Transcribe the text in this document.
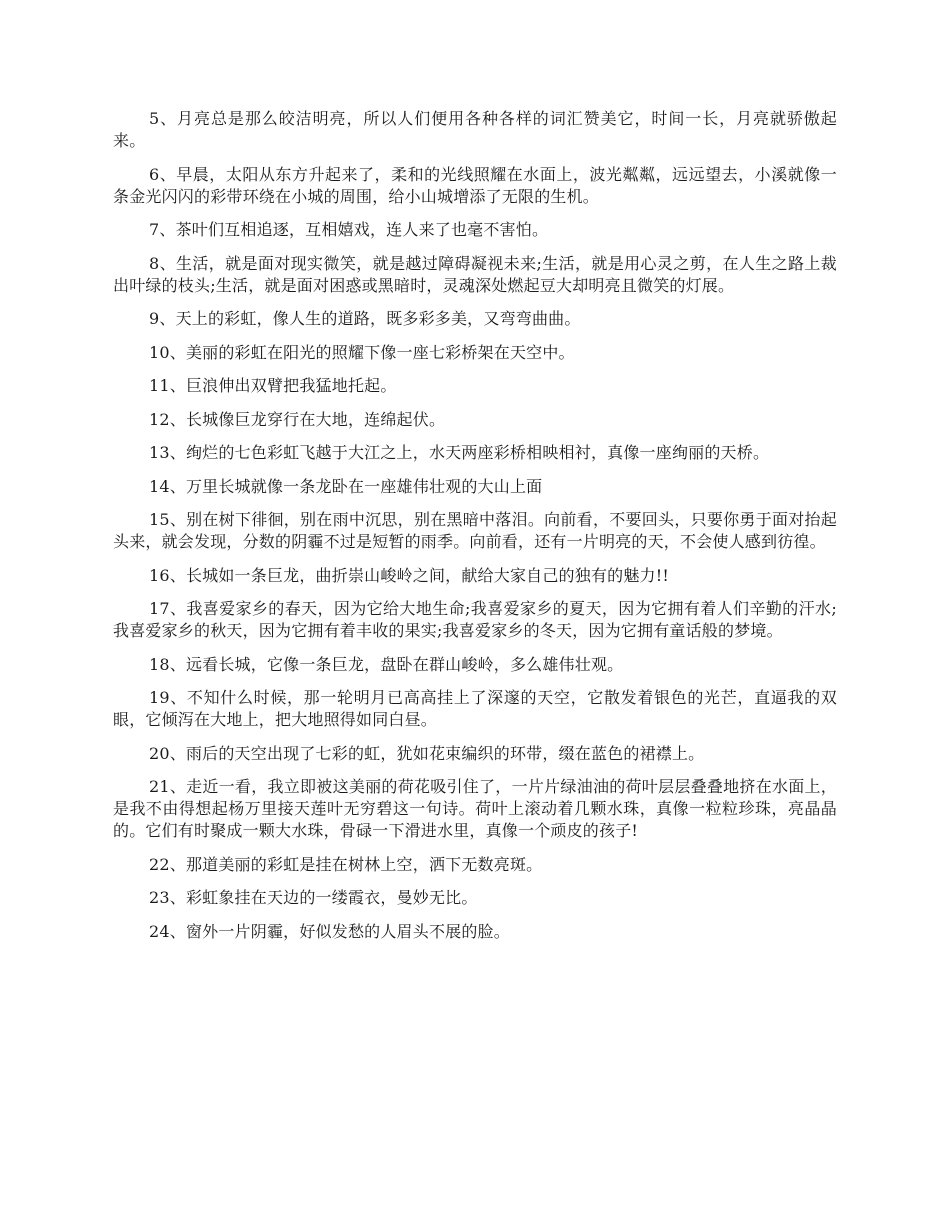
5、月亮总是那么皎洁明亮，所以人们便用各种各样的词汇赞美它，时间一长，月亮就骄傲起来。

6、早晨，太阳从东方升起来了，柔和的光线照耀在水面上，波光粼粼，远远望去，小溪就像一条金光闪闪的彩带环绕在小城的周围，给小山城增添了无限的生机。

7、茶叶们互相追逐，互相嬉戏，连人来了也毫不害怕。

8、生活，就是面对现实微笑，就是越过障碍凝视未来;生活，就是用心灵之剪，在人生之路上裁出叶绿的枝头;生活，就是面对困惑或黑暗时，灵魂深处燃起豆大却明亮且微笑的灯展。

9、天上的彩虹，像人生的道路，既多彩多美，又弯弯曲曲。

10、美丽的彩虹在阳光的照耀下像一座七彩桥架在天空中。

11、巨浪伸出双臂把我猛地托起。

12、长城像巨龙穿行在大地，连绵起伏。

13、绚烂的七色彩虹飞越于大江之上，水天两座彩桥相映相衬，真像一座绚丽的天桥。

14、万里长城就像一条龙卧在一座雄伟壮观的大山上面

15、别在树下徘徊，别在雨中沉思，别在黑暗中落泪。向前看，不要回头，只要你勇于面对抬起头来，就会发现，分数的阴霾不过是短暂的雨季。向前看，还有一片明亮的天，不会使人感到彷徨。

16、长城如一条巨龙，曲折崇山峻岭之间，献给大家自己的独有的魅力!!

17、我喜爱家乡的春天，因为它给大地生命;我喜爱家乡的夏天，因为它拥有着人们辛勤的汗水;我喜爱家乡的秋天，因为它拥有着丰收的果实;我喜爱家乡的冬天，因为它拥有童话般的梦境。

18、远看长城，它像一条巨龙，盘卧在群山峻岭，多么雄伟壮观。

19、不知什么时候，那一轮明月已高高挂上了深邃的天空，它散发着银色的光芒，直逼我的双眼，它倾泻在大地上，把大地照得如同白昼。

20、雨后的天空出现了七彩的虹，犹如花束编织的环带，缀在蓝色的裙襟上。

21、走近一看，我立即被这美丽的荷花吸引住了，一片片绿油油的荷叶层层叠叠地挤在水面上，是我不由得想起杨万里接天莲叶无穷碧这一句诗。荷叶上滚动着几颗水珠，真像一粒粒珍珠，亮晶晶的。它们有时聚成一颗大水珠，骨碌一下滑进水里，真像一个顽皮的孩子!

22、那道美丽的彩虹是挂在树林上空，洒下无数亮斑。

23、彩虹象挂在天边的一缕霞衣，曼妙无比。

24、窗外一片阴霾，好似发愁的人眉头不展的脸。
